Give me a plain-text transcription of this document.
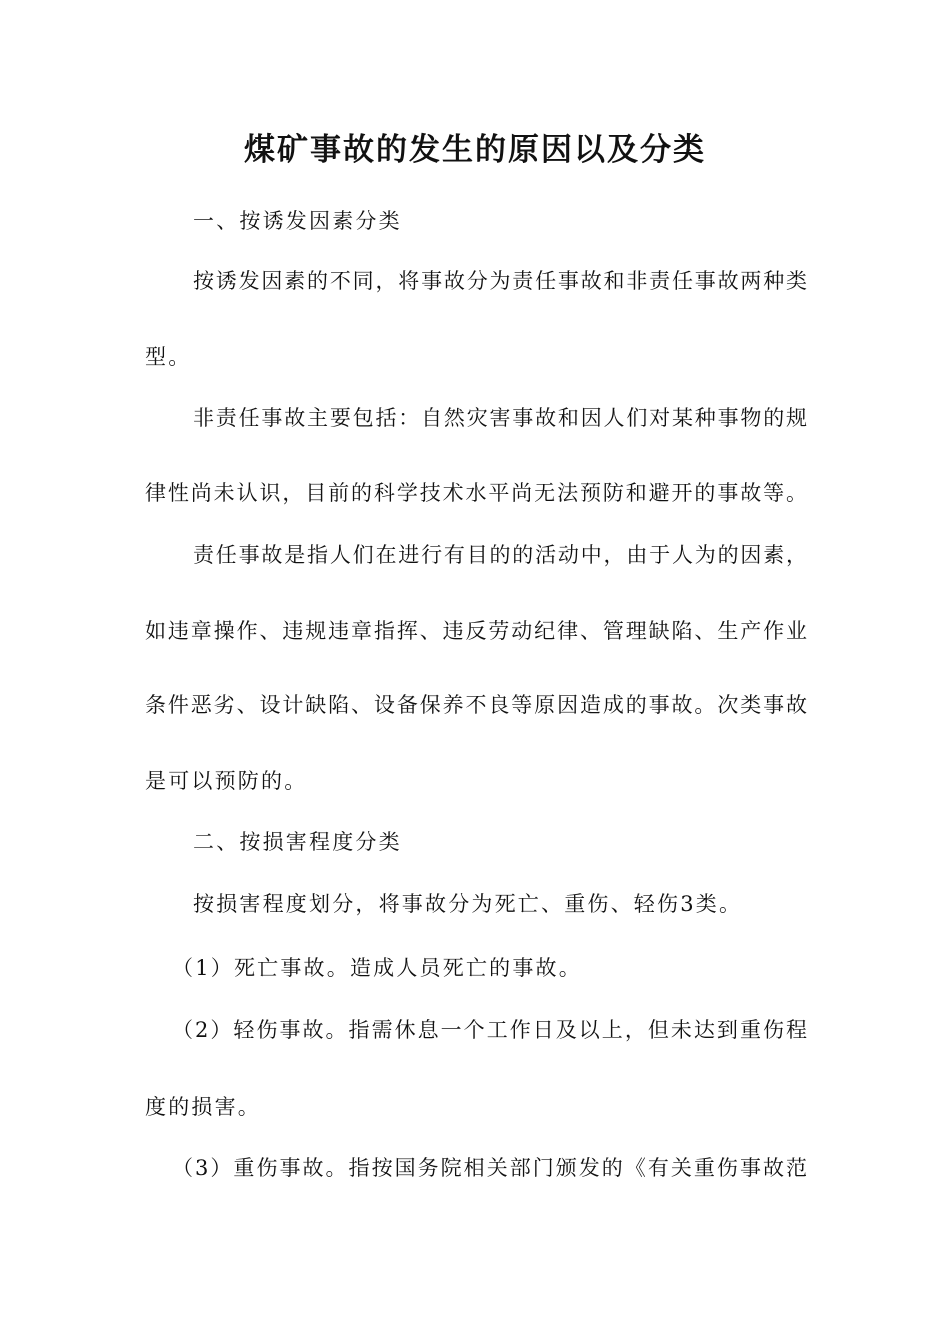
煤矿事故的发生的原因以及分类
一、按诱发因素分类
按诱发因素的不同，将事故分为责任事故和非责任事故两种类
型。
非责任事故主要包括：自然灾害事故和因人们对某种事物的规
律性尚未认识，目前的科学技术水平尚无法预防和避开的事故等。
责任事故是指人们在进行有目的的活动中，由于人为的因素，
如违章操作、违规违章指挥、违反劳动纪律、管理缺陷、生产作业
条件恶劣、设计缺陷、设备保养不良等原因造成的事故。次类事故
是可以预防的。
二、按损害程度分类
按损害程度划分，将事故分为死亡、重伤、轻伤3类。
（1）死亡事故。造成人员死亡的事故。
（2）轻伤事故。指需休息一个工作日及以上，但未达到重伤程
度的损害。
（3）重伤事故。指按国务院相关部门颁发的《有关重伤事故范
